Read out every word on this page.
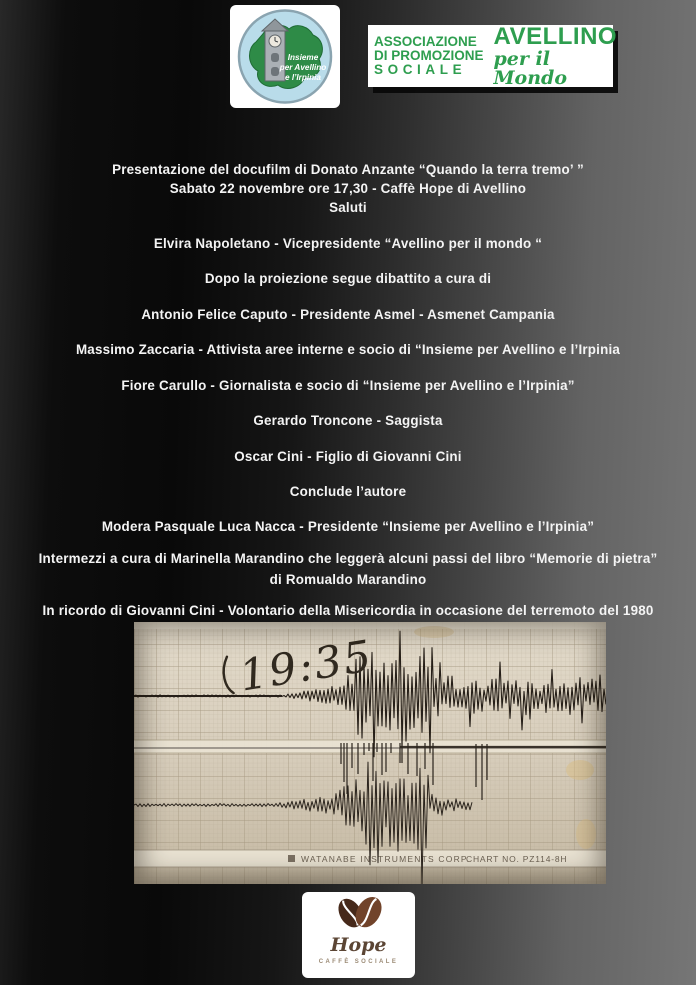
Insieme
per Avellino
e l’Irpinia
ASSOCIAZIONE
DI PROMOZIONE
SOCIALE
AVELLINO
per il Mondo

Presentazione del docufilm di Donato Anzante “Quando la terra tremo’ ”

Sabato 22 novembre ore 17,30 - Caffè Hope di Avellino

Saluti

Elvira Napoletano - Vicepresidente “Avellino per il mondo “

Dopo la proiezione segue dibattito a cura di

Antonio Felice Caputo - Presidente Asmel - Asmenet Campania

Massimo Zaccaria - Attivista aree interne e socio di “Insieme per Avellino e l’Irpinia

Fiore Carullo - Giornalista e socio di “Insieme per Avellino e l’Irpinia”

Gerardo Troncone - Saggista

Oscar Cini - Figlio di Giovanni Cini

Conclude l’autore

Modera Pasquale Luca Nacca - Presidente “Insieme per Avellino e l’Irpinia”

Intermezzi a cura di Marinella Marandino che leggerà alcuni passi del libro “Memorie di pietra” di Romualdo Marandino

In ricordo di Giovanni Cini - Volontario della Misericordia in occasione del terremoto del 1980

WATANABE INSTRUMENTS CORP.
CHART NO. PZ114-8H
19:35
Hope
CAFFÈ SOCIALE
